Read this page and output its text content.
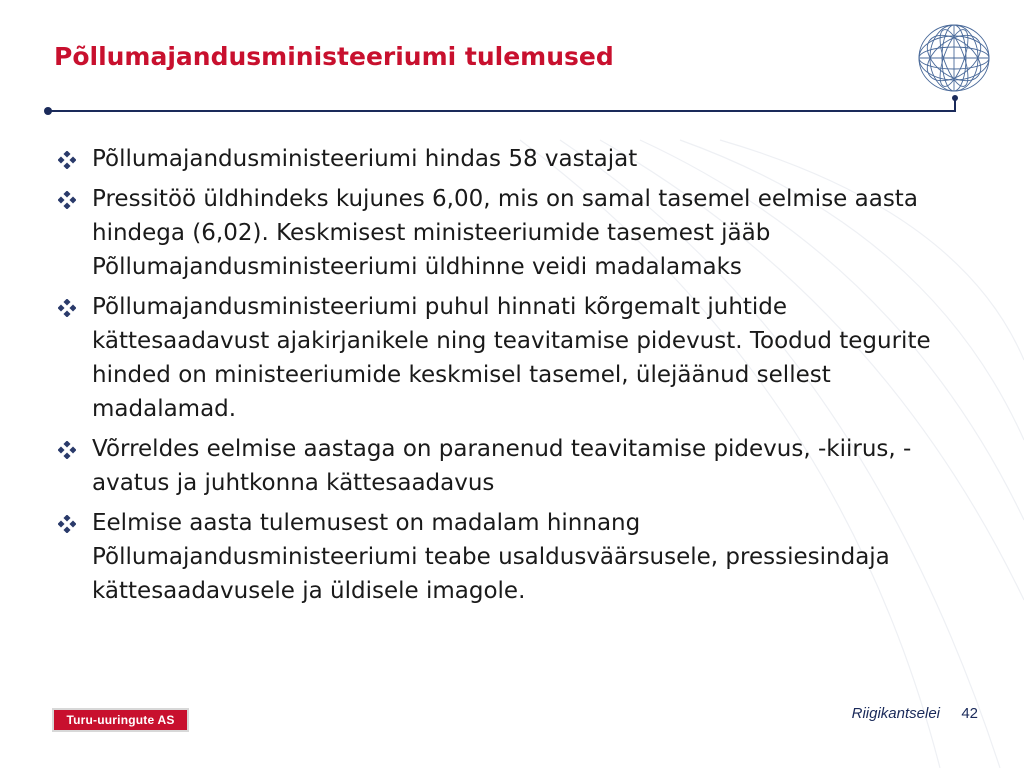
Põllumajandusministeeriumi tulemused
Põllumajandusministeeriumi hindas 58 vastajat
Pressitöö üldhindeks kujunes 6,00, mis on samal tasemel eelmise aasta hindega (6,02). Keskmisest ministeeriumide tasemest jääb Põllumajandusministeeriumi üldhinne veidi madalamaks
Põllumajandusministeeriumi puhul hinnati kõrgemalt juhtide kättesaadavust ajakirjanikele ning teavitamise pidevust. Toodud tegurite hinded on ministeeriumide keskmisel tasemel, ülejäänud sellest madalamad.
Võrreldes eelmise aastaga on paranenud teavitamise pidevus, -kiirus, -avatus ja juhtkonna kättesaadavus
Eelmise aasta tulemusest on madalam hinnang Põllumajandusministeeriumi teabe usaldusväärsusele, pressiesindaja kättesaadavusele ja üldisele imagole.
Turu-uuringute AS	Riigikantselei 42
